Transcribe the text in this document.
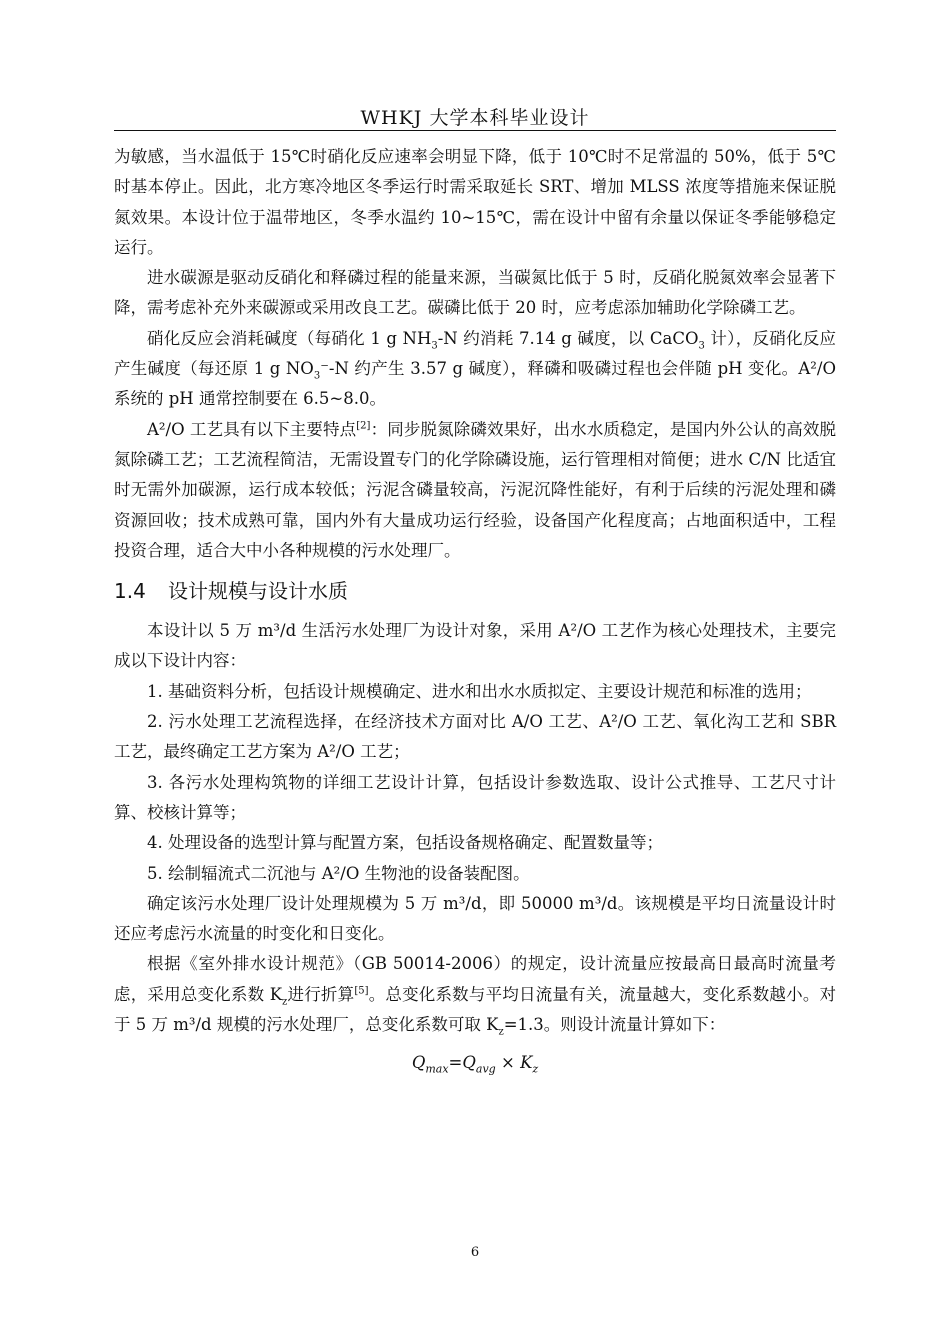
WHKJ 大学本科毕业设计

为敏感，当水温低于 15℃时硝化反应速率会明显下降，低于 10℃时不足常温的 50%，低于 5℃时基本停止。因此，北方寒冷地区冬季运行时需采取延长 SRT、增加 MLSS 浓度等措施来保证脱氮效果。本设计位于温带地区，冬季水温约 10~15℃，需在设计中留有余量以保证冬季能够稳定运行。

进水碳源是驱动反硝化和释磷过程的能量来源，当碳氮比低于 5 时，反硝化脱氮效率会显著下降，需考虑补充外来碳源或采用改良工艺。碳磷比低于 20 时，应考虑添加辅助化学除磷工艺。

硝化反应会消耗碱度（每硝化 1 g $NH_3-N$ 约消耗 7.14 g 碱度，以 CaCO$_3$ 计），反硝化反应产生碱度（每还原 1 g $NO_3^--N$ 约产生 3.57 g 碱度），释磷和吸磷过程也会伴随 pH 变化。A²/O 系统的 pH 通常控制要在 6.5~8.0。

A²/O 工艺具有以下主要特点[2]：同步脱氮除磷效果好，出水水质稳定，是国内外公认的高效脱氮除磷工艺；工艺流程简洁，无需设置专门的化学除磷设施，运行管理相对简便；进水 C/N 比适宜时无需外加碳源，运行成本较低；污泥含磷量较高，污泥沉降性能好，有利于后续的污泥处理和磷资源回收；技术成熟可靠，国内外有大量成功运行经验，设备国产化程度高；占地面积适中，工程投资合理，适合大中小各种规模的污水处理厂。

1.4 设计规模与设计水质

本设计以 5 万 m³/d 生活污水处理厂为设计对象，采用 A²/O 工艺作为核心处理技术，主要完成以下设计内容：

1. 基础资料分析，包括设计规模确定、进水和出水水质拟定、主要设计规范和标准的选用；

2. 污水处理工艺流程选择，在经济技术方面对比 A/O 工艺、A²/O 工艺、氧化沟工艺和 SBR 工艺，最终确定工艺方案为 A²/O 工艺；

3. 各污水处理构筑物的详细工艺设计计算，包括设计参数选取、设计公式推导、工艺尺寸计算、校核计算等；

4. 处理设备的选型计算与配置方案，包括设备规格确定、配置数量等；

5. 绘制辐流式二沉池与 A²/O 生物池的设备装配图。

确定该污水处理厂设计处理规模为 5 万 m³/d，即 50000 m³/d。该规模是平均日流量设计时还应考虑污水流量的时变化和日变化。

根据《室外排水设计规范》（GB 50014-2006）的规定，设计流量应按最高日最高时流量考虑，采用总变化系数 $K_z$进行折算[5]。总变化系数与平均日流量有关，流量越大，变化系数越小。对于 5 万 m³/d 规模的污水处理厂，总变化系数可取 $K_z=1.3$。则设计流量计算如下：

$Q_{max}=Q_{avg} \times K_z$
6
